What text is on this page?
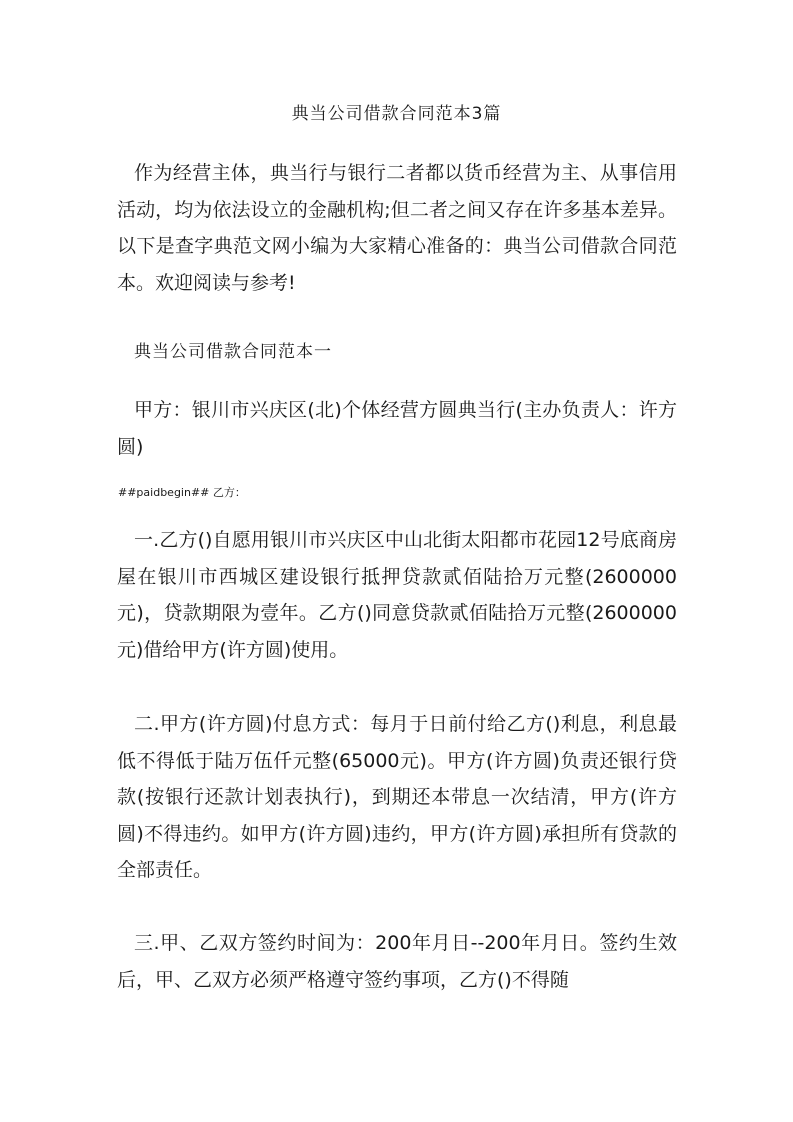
典当公司借款合同范本3篇

作为经营主体，典当行与银行二者都以货币经营为主、从事信用活动，均为依法设立的金融机构;但二者之间又存在许多基本差异。以下是查字典范文网小编为大家精心准备的：典当公司借款合同范本。欢迎阅读与参考!

典当公司借款合同范本一

甲方：银川市兴庆区(北)个体经营方圆典当行(主办负责人：许方圆)

##paidbegin## 乙方：

一.乙方()自愿用银川市兴庆区中山北街太阳都市花园12号底商房屋在银川市西城区建设银行抵押贷款贰佰陆拾万元整(2600000元)，贷款期限为壹年。乙方()同意贷款贰佰陆拾万元整(2600000元)借给甲方(许方圆)使用。

二.甲方(许方圆)付息方式：每月于日前付给乙方()利息，利息最低不得低于陆万伍仟元整(65000元)。甲方(许方圆)负责还银行贷款(按银行还款计划表执行)，到期还本带息一次结清，甲方(许方圆)不得违约。如甲方(许方圆)违约，甲方(许方圆)承担所有贷款的全部责任。

三.甲、乙双方签约时间为：200年月日--200年月日。签约生效后，甲、乙双方必须严格遵守签约事项，乙方()不得随
